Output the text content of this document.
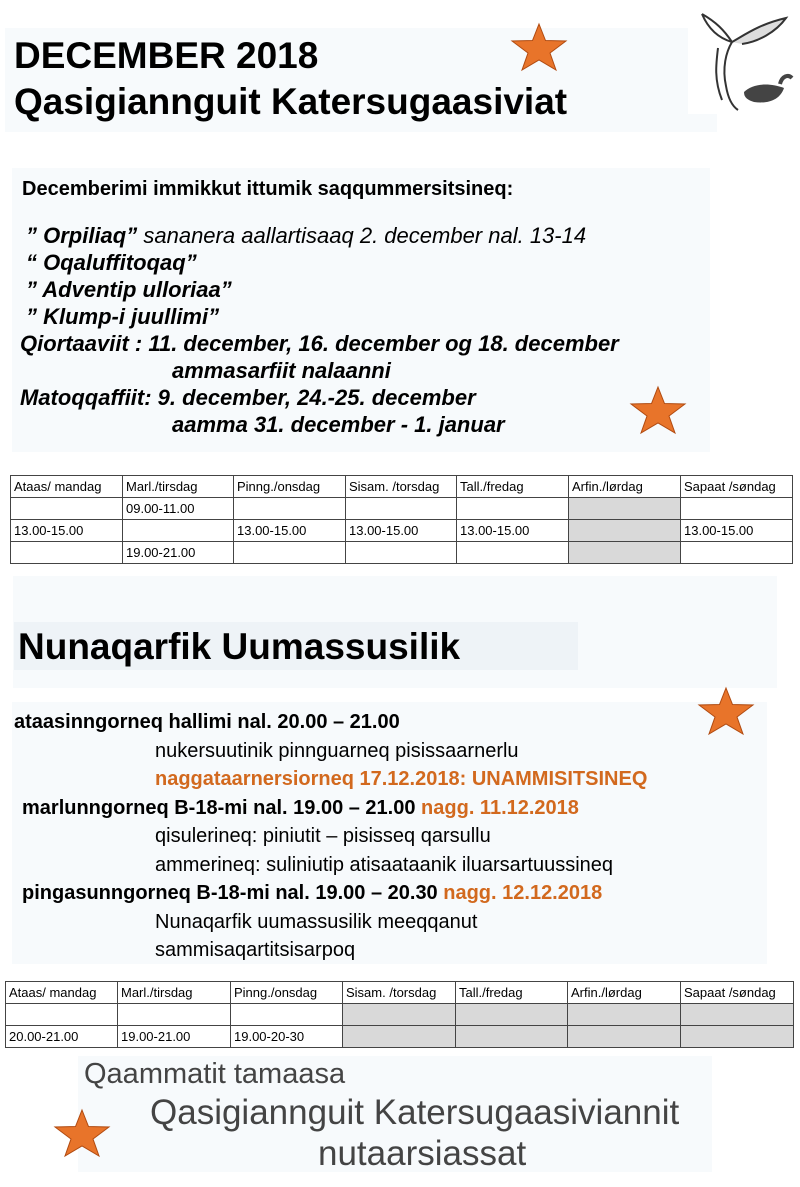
DECEMBER 2018
Qasigiannguit Katersugaasiviat
Decemberimi immikkut ittumik saqqummersitsineq:
” Orpiliaq” sananera aallartisaaq 2. december nal. 13-14
“ Oqaluffitoqaq”
” Adventip ulloriaa”
” Klump-i juullimi”
Qiortaaviit : 11. december, 16. december og 18. december
ammasarfiit nalaanni
Matoqqaffiit: 9. december, 24.-25. december
aamma 31. december - 1. januar
Ataas/ mandag	Marl./tirsdag	Pinng./onsdag	Sisam. /torsdag	Tall./fredag	Arfin./lørdag	Sapaat /søndag
	09.00-11.00					
13.00-15.00		13.00-15.00	13.00-15.00	13.00-15.00		13.00-15.00
	19.00-21.00					
Nunaqarfik Uumassusilik
ataasinngorneq hallimi nal. 20.00 – 21.00
nukersuutinik pinnguarneq pisissaarnerlu
naggataarnersiorneq 17.12.2018: UNAMMISITSINEQ
marlunngorneq B-18-mi nal. 19.00 – 21.00 nagg. 11.12.2018
qisulerineq: piniutit – pisisseq qarsullu
ammerineq: suliniutip atisaataanik iluarsartuussineq
pingasunngorneq B-18-mi nal. 19.00 – 20.30 nagg. 12.12.2018
Nunaqarfik uumassusilik meeqqanut
sammisaqartitsisarpoq
Ataas/ mandag	Marl./tirsdag	Pinng./onsdag	Sisam. /torsdag	Tall./fredag	Arfin./lørdag	Sapaat /søndag

20.00-21.00	19.00-21.00	19.00-20-30				
Qaammatit tamaasa
Qasigiannguit Katersugaasiviannit
nutaarsiassat
